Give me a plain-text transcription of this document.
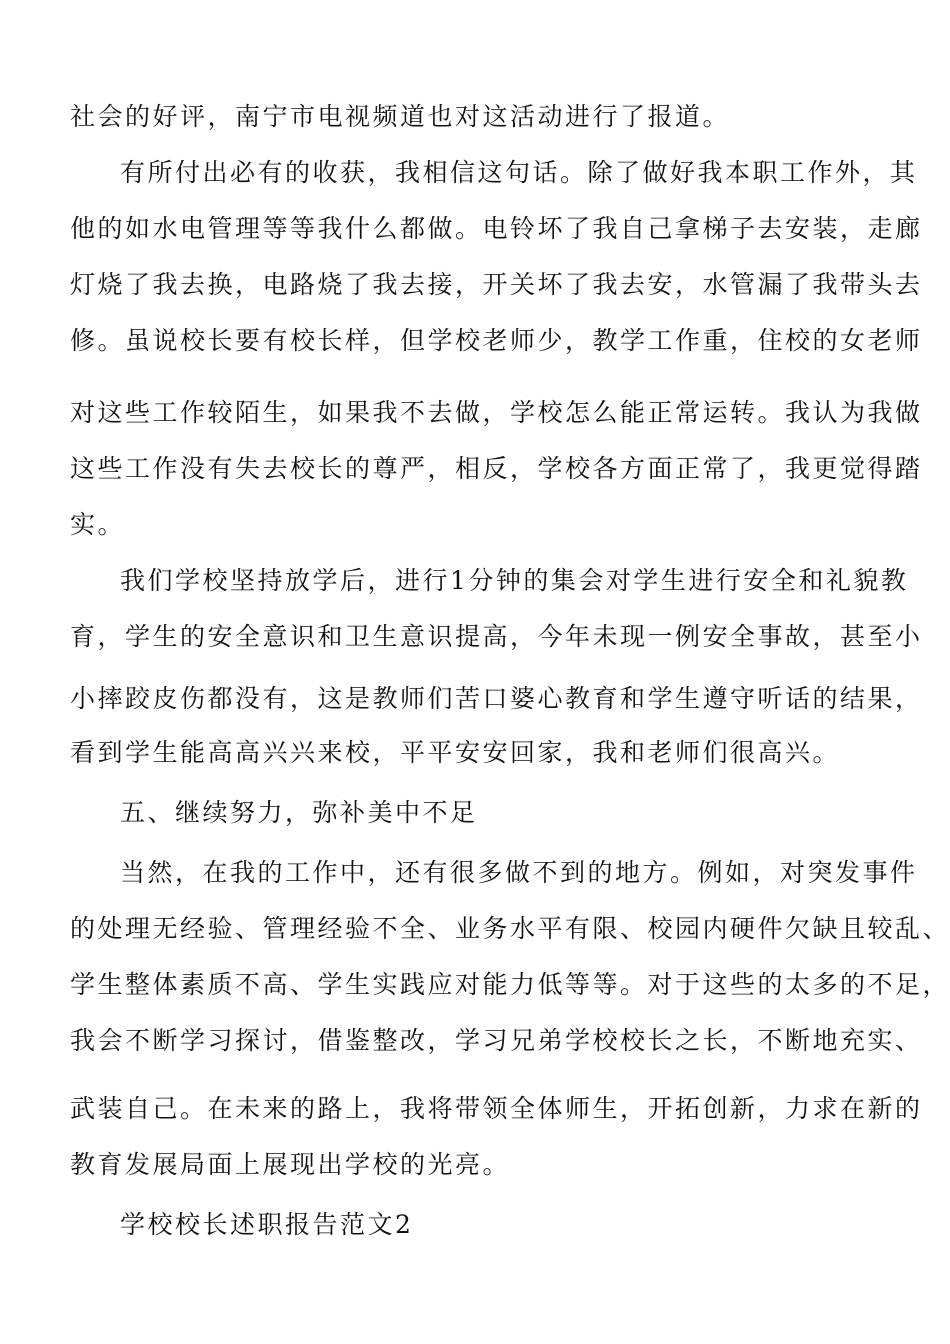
社会的好评，南宁市电视频道也对这活动进行了报道。
有所付出必有的收获，我相信这句话。除了做好我本职工作外，其
他的如水电管理等等我什么都做。电铃坏了我自己拿梯子去安装，走廊
灯烧了我去换，电路烧了我去接，开关坏了我去安，水管漏了我带头去
修。虽说校长要有校长样，但学校老师少，教学工作重，住校的女老师
对这些工作较陌生，如果我不去做，学校怎么能正常运转。我认为我做
这些工作没有失去校长的尊严，相反，学校各方面正常了，我更觉得踏
实。
我们学校坚持放学后，进行1分钟的集会对学生进行安全和礼貌教
育，学生的安全意识和卫生意识提高，今年未现一例安全事故，甚至小
小摔跤皮伤都没有，这是教师们苦口婆心教育和学生遵守听话的结果，
看到学生能高高兴兴来校，平平安安回家，我和老师们很高兴。
五、继续努力，弥补美中不足
当然，在我的工作中，还有很多做不到的地方。例如，对突发事件
的处理无经验、管理经验不全、业务水平有限、校园内硬件欠缺且较乱、
学生整体素质不高、学生实践应对能力低等等。对于这些的太多的不足，
我会不断学习探讨，借鉴整改，学习兄弟学校校长之长，不断地充实、
武装自己。在未来的路上，我将带领全体师生，开拓创新，力求在新的
教育发展局面上展现出学校的光亮。
学校校长述职报告范文2
